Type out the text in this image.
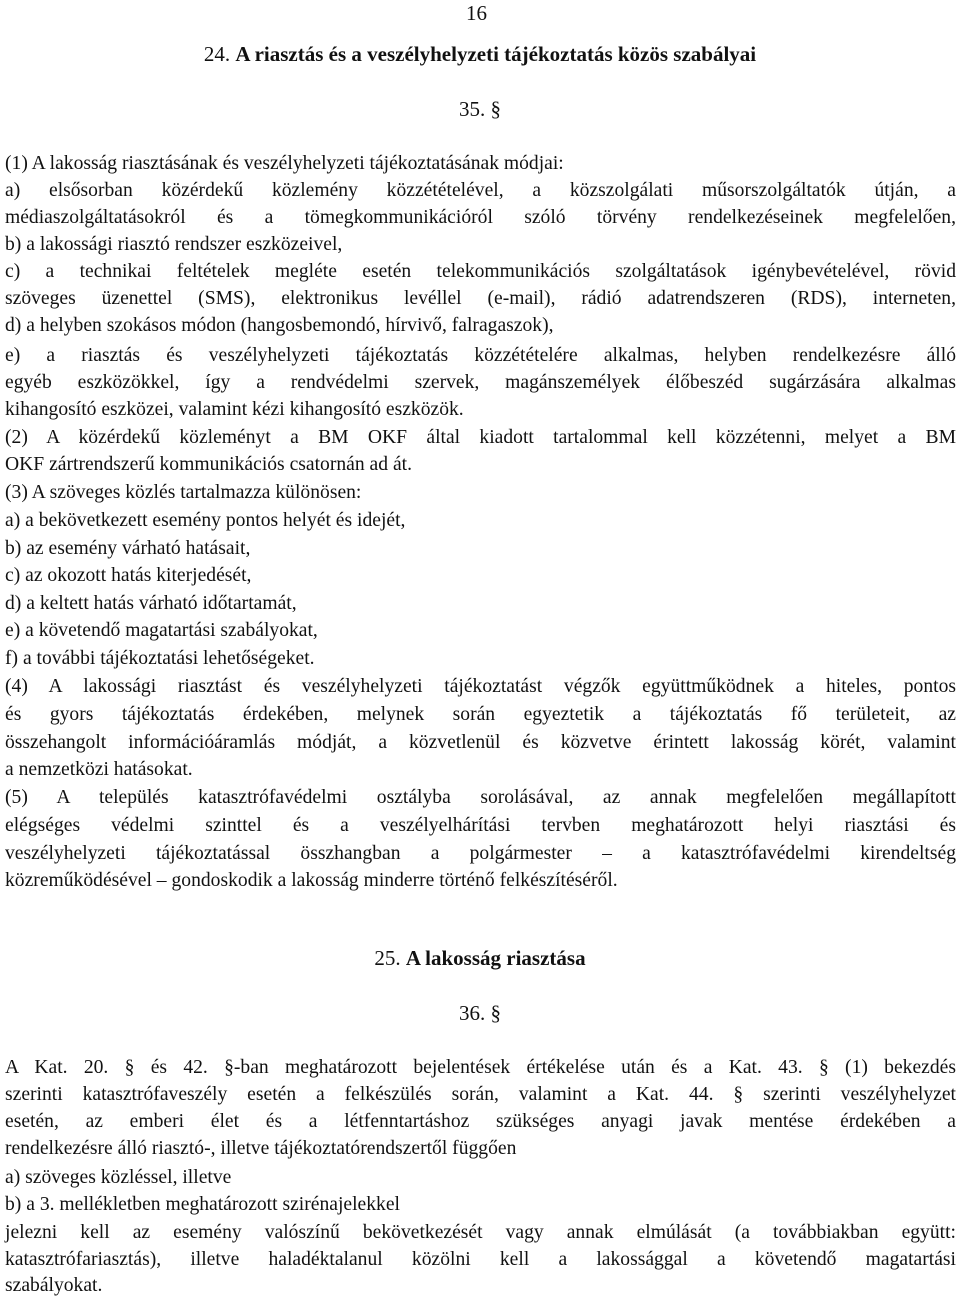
16
24. A riasztás és a veszélyhelyzeti tájékoztatás közös szabályai
35. §
(1) A lakosság riasztásának és veszélyhelyzeti tájékoztatásának módjai:
a) elsősorban közérdekű közlemény közzétételével, a közszolgálati műsorszolgáltatók útján, a
médiaszolgáltatásokról és a tömegkommunikációról szóló törvény rendelkezéseinek megfelelően,
b) a lakossági riasztó rendszer eszközeivel,
c) a technikai feltételek megléte esetén telekommunikációs szolgáltatások igénybevételével, rövid
szöveges üzenettel (SMS), elektronikus levéllel (e-mail), rádió adatrendszeren (RDS), interneten,
d) a helyben szokásos módon (hangosbemondó, hírvivő, falragaszok),
e) a riasztás és veszélyhelyzeti tájékoztatás közzétételére alkalmas, helyben rendelkezésre álló
egyéb eszközökkel, így a rendvédelmi szervek, magánszemélyek élőbeszéd sugárzására alkalmas
kihangosító eszközei, valamint kézi kihangosító eszközök.
(2) A közérdekű közleményt a BM OKF által kiadott tartalommal kell közzétenni, melyet a BM
OKF zártrendszerű kommunikációs csatornán ad át.
(3) A szöveges közlés tartalmazza különösen:
a) a bekövetkezett esemény pontos helyét és idejét,
b) az esemény várható hatásait,
c) az okozott hatás kiterjedését,
d) a keltett hatás várható időtartamát,
e) a követendő magatartási szabályokat,
f) a további tájékoztatási lehetőségeket.
(4) A lakossági riasztást és veszélyhelyzeti tájékoztatást végzők együttműködnek a hiteles, pontos
és gyors tájékoztatás érdekében, melynek során egyeztetik a tájékoztatás fő területeit, az
összehangolt információáramlás módját, a közvetlenül és közvetve érintett lakosság körét, valamint
a nemzetközi hatásokat.
(5) A település katasztrófavédelmi osztályba sorolásával, az annak megfelelően megállapított
elégséges védelmi szinttel és a veszélyelhárítási tervben meghatározott helyi riasztási és
veszélyhelyzeti tájékoztatással összhangban a polgármester – a katasztrófavédelmi kirendeltség
közreműködésével – gondoskodik a lakosság minderre történő felkészítéséről.
25. A lakosság riasztása
36. §
A Kat. 20. § és 42. §-ban meghatározott bejelentések értékelése után és a Kat. 43. § (1) bekezdés
szerinti katasztrófaveszély esetén a felkészülés során, valamint a Kat. 44. § szerinti veszélyhelyzet
esetén, az emberi élet és a létfenntartáshoz szükséges anyagi javak mentése érdekében a
rendelkezésre álló riasztó-, illetve tájékoztatórendszertől függően
a) szöveges közléssel, illetve
b) a 3. mellékletben meghatározott szirénajelekkel
jelezni kell az esemény valószínű bekövetkezését vagy annak elmúlását (a továbbiakban együtt:
katasztrófariasztás), illetve haladéktalanul közölni kell a lakossággal a követendő magatartási
szabályokat.
